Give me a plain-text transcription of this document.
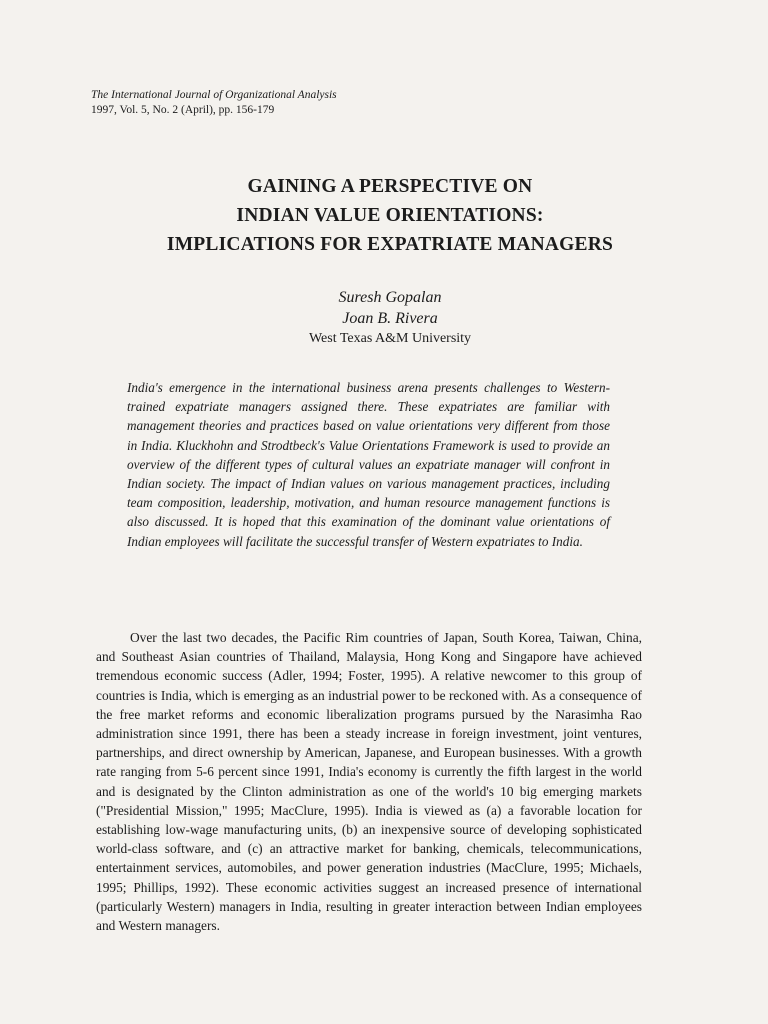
The International Journal of Organizational Analysis
1997, Vol. 5, No. 2 (April), pp. 156-179
GAINING A PERSPECTIVE ON
INDIAN VALUE ORIENTATIONS:
IMPLICATIONS FOR EXPATRIATE MANAGERS
Suresh Gopalan
Joan B. Rivera
West Texas A&M University

India's emergence in the international business arena presents challenges to Western-trained expatriate managers assigned there. These expatriates are familiar with management theories and practices based on value orientations very different from those in India. Kluckhohn and Strodtbeck's Value Orientations Framework is used to provide an overview of the different types of cultural values an expatriate manager will confront in Indian society. The impact of Indian values on various management practices, including team composition, leadership, motivation, and human resource management functions is also discussed. It is hoped that this examination of the dominant value orientations of Indian employees will facilitate the successful transfer of Western expatriates to India.

Over the last two decades, the Pacific Rim countries of Japan, South Korea, Taiwan, China, and Southeast Asian countries of Thailand, Malaysia, Hong Kong and Singapore have achieved tremendous economic success (Adler, 1994; Foster, 1995). A relative newcomer to this group of countries is India, which is emerging as an industrial power to be reckoned with. As a consequence of the free market reforms and economic liberalization programs pursued by the Narasimha Rao administration since 1991, there has been a steady increase in foreign investment, joint ventures, partnerships, and direct ownership by American, Japanese, and European businesses. With a growth rate ranging from 5-6 percent since 1991, India's economy is currently the fifth largest in the world and is designated by the Clinton administration as one of the world's 10 big emerging markets ("Presidential Mission," 1995; MacClure, 1995). India is viewed as (a) a favorable location for establishing low-wage manufacturing units, (b) an inexpensive source of developing sophisticated world-class software, and (c) an attractive market for banking, chemicals, telecommunications, entertainment services, automobiles, and power generation industries (MacClure, 1995; Michaels, 1995; Phillips, 1992). These economic activities suggest an increased presence of international (particularly Western) managers in India, resulting in greater interaction between Indian employees and Western managers.
